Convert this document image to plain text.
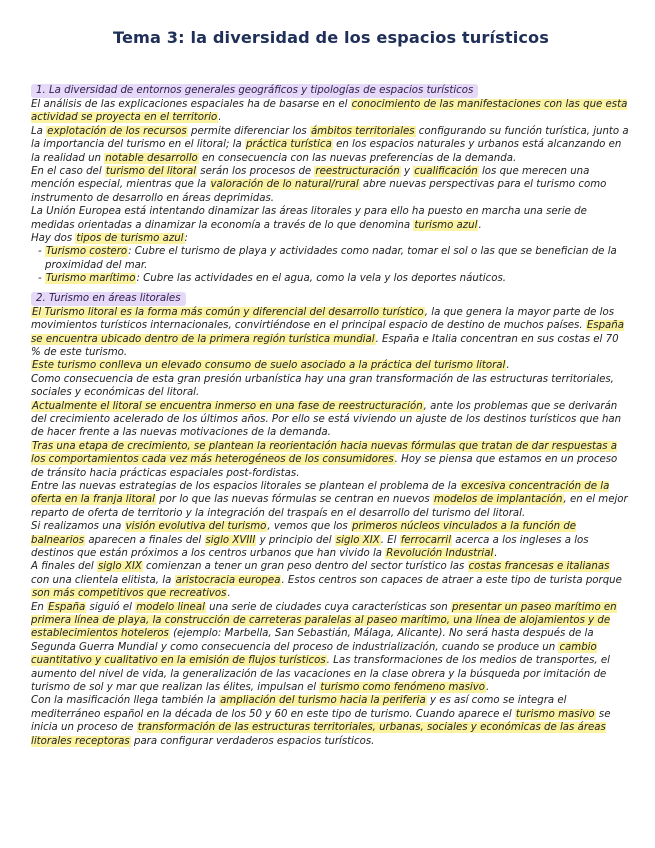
Tema 3: la diversidad de los espacios turísticos
1. La diversidad de entornos generales geográficos y tipologías de espacios turísticos

El análisis de las explicaciones espaciales ha de basarse en el conocimiento de las manifestaciones con las que esta actividad se proyecta en el territorio.

La explotación de los recursos permite diferenciar los ámbitos territoriales configurando su función turística, junto a la importancia del turismo en el litoral; la práctica turística en los espacios naturales y urbanos está alcanzando en la realidad un notable desarrollo en consecuencia con las nuevas preferencias de la demanda.

En el caso del turismo del litoral serán los procesos de reestructuración y cualificación los que merecen una mención especial, mientras que la valoración de lo natural/rural abre nuevas perspectivas para el turismo como instrumento de desarrollo en áreas deprimidas.

La Unión Europea está intentando dinamizar las áreas litorales y para ello ha puesto en marcha una serie de medidas orientadas a dinamizar la economía a través de lo que denomina turismo azul.

Hay dos tipos de turismo azul:

- Turismo costero: Cubre el turismo de playa y actividades como nadar, tomar el sol o las que se benefician de la proximidad del mar.

- Turismo marítimo: Cubre las actividades en el agua, como la vela y los deportes náuticos.

2. Turismo en áreas litorales

El Turismo litoral es la forma más común y diferencial del desarrollo turístico, la que genera la mayor parte de los movimientos turísticos internacionales, convirtiéndose en el principal espacio de destino de muchos países. España se encuentra ubicado dentro de la primera región turística mundial. España e Italia concentran en sus costas el 70 % de este turismo.

Este turismo conlleva un elevado consumo de suelo asociado a la práctica del turismo litoral.

Como consecuencia de esta gran presión urbanística hay una gran transformación de las estructuras territoriales, sociales y económicas del litoral.

Actualmente el litoral se encuentra inmerso en una fase de reestructuración, ante los problemas que se derivarán del crecimiento acelerado de los últimos años. Por ello se está viviendo un ajuste de los destinos turísticos que han de hacer frente a las nuevas motivaciones de la demanda.

Tras una etapa de crecimiento, se plantean la reorientación hacia nuevas fórmulas que tratan de dar respuestas a los comportamientos cada vez más heterogéneos de los consumidores. Hoy se piensa que estamos en un proceso de tránsito hacia prácticas espaciales post-fordistas.

Entre las nuevas estrategias de los espacios litorales se plantean el problema de la excesiva concentración de la oferta en la franja litoral por lo que las nuevas fórmulas se centran en nuevos modelos de implantación, en el mejor reparto de oferta de territorio y la integración del traspaís en el desarrollo del turismo del litoral.

Si realizamos una visión evolutiva del turismo, vemos que los primeros núcleos vinculados a la función de balnearios aparecen a finales del siglo XVIII y principio del siglo XIX. El ferrocarril acerca a los ingleses a los destinos que están próximos a los centros urbanos que han vivido la Revolución Industrial.

A finales del siglo XIX comienzan a tener un gran peso dentro del sector turístico las costas francesas e italianas con una clientela elitista, la aristocracia europea. Estos centros son capaces de atraer a este tipo de turista porque son más competitivos que recreativos.

En España siguió el modelo lineal una serie de ciudades cuya características son presentar un paseo marítimo en primera línea de playa, la construcción de carreteras paralelas al paseo marítimo, una línea de alojamientos y de establecimientos hoteleros (ejemplo: Marbella, San Sebastián, Málaga, Alicante). No será hasta después de la Segunda Guerra Mundial y como consecuencia del proceso de industrialización, cuando se produce un cambio cuantitativo y cualitativo en la emisión de flujos turísticos. Las transformaciones de los medios de transportes, el aumento del nivel de vida, la generalización de las vacaciones en la clase obrera y la búsqueda por imitación de turismo de sol y mar que realizan las élites, impulsan el turismo como fenómeno masivo.

Con la masificación llega también la ampliación del turismo hacia la periferia y es así como se integra el mediterráneo español en la década de los 50 y 60 en este tipo de turismo. Cuando aparece el turismo masivo se inicia un proceso de transformación de las estructuras territoriales, urbanas, sociales y económicas de las áreas litorales receptoras para configurar verdaderos espacios turísticos.
